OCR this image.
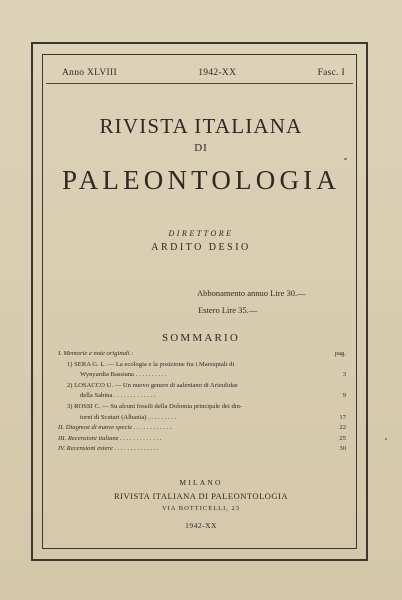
Anno XLVIII	1942-XX	Fasc. I
RIVISTA ITALIANA
DI
PALEONTOLOGIA
DIRETTORE
ARDITO DESIO
Abbonamento annuo Lire 30.—
Estero Lire 35.—
SOMMARIO
I. Memorie e note originali :	pag.
1) SERA G. L. — La ecologia e la posizione fra i Marsupiali di
Wynyardia Bassiana . . . . . . . . . .	3
2) LOSACCO U. — Un nuovo genere di aaleniano di Arieulidae
della Sabina . . . . . . . . . . . . .	9
3) ROSSI C. — Su alcuni fossili della Dolomia principale dei din-
torni di Scutari (Albania) . . . . . . . . .	17
II. Diagnosi di nuove specie . . . . . . . . . . . .	22
III. Recensioni italiane . . . . . . . . . . . . .	25
IV. Recensioni estere . . . . . . . . . . . . . .	30
MILANO
RIVISTA ITALIANA DI PALEONTOLOGIA
VIA BOTTICELLI, 23
1942-XX
